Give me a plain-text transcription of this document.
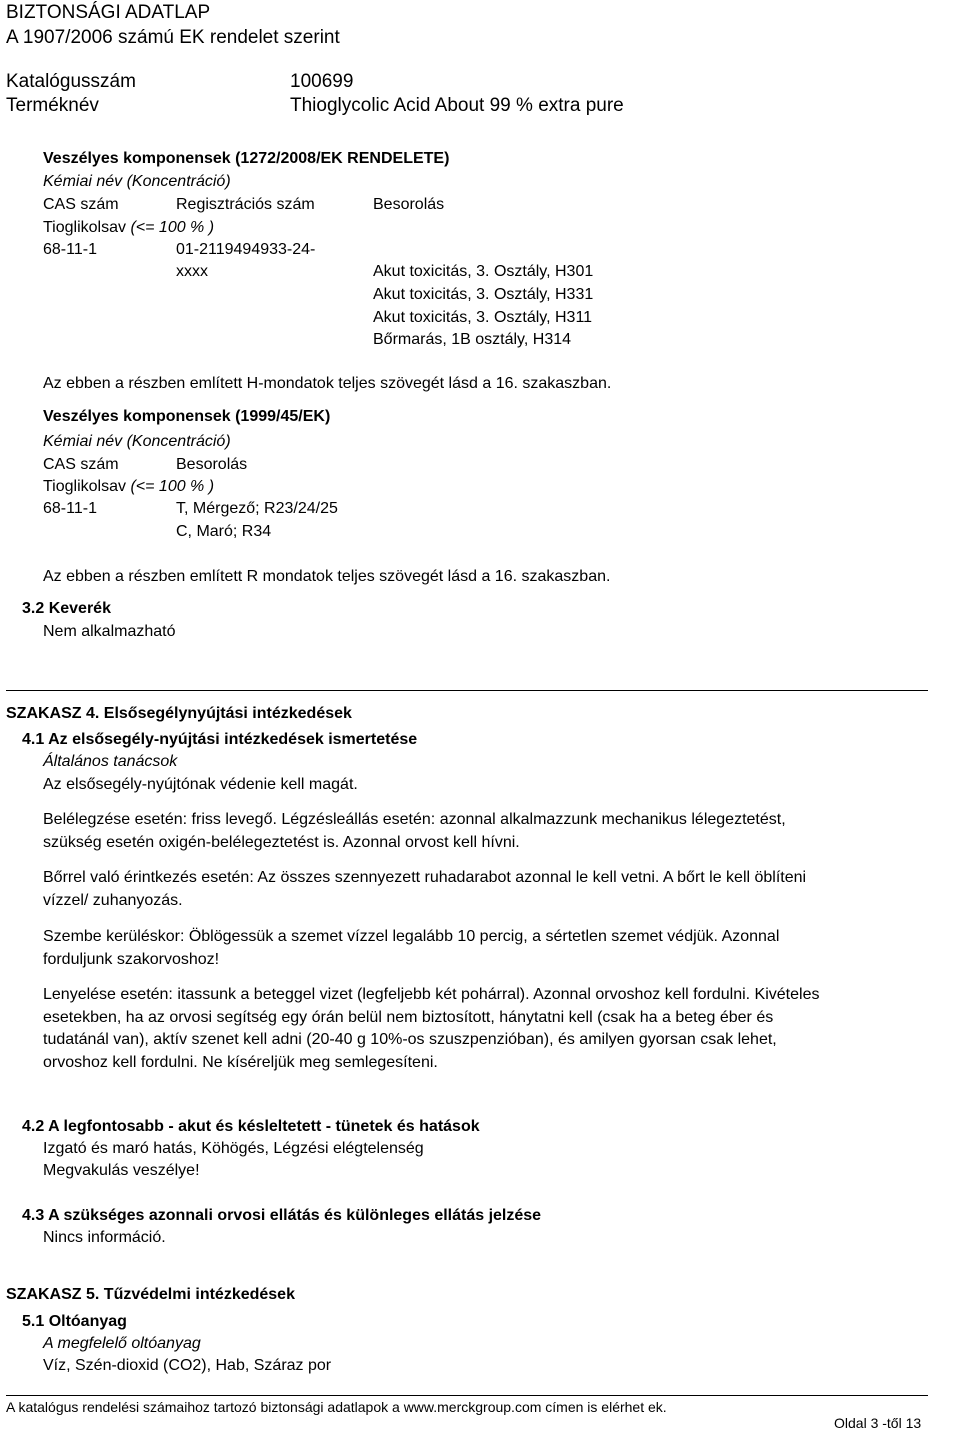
BIZTONSÁGI ADATLAP
A 1907/2006 számú EK rendelet szerint
Katalógusszám	100699
Terméknév	Thioglycolic Acid About 99 % extra pure
Veszélyes komponensek (1272/2008/EK RENDELETE)
Kémiai név (Koncentráció)
CAS szám	Regisztrációs szám	Besorolás
Tioglikolsav (<= 100 % )
68-11-1	01-2119494933-24-
xxxx	Akut toxicitás, 3. Osztály, H301
Akut toxicitás, 3. Osztály, H331
Akut toxicitás, 3. Osztály, H311
Bőrmarás, 1B osztály, H314
Az ebben a részben említett H-mondatok teljes szövegét lásd a 16. szakaszban.
Veszélyes komponensek (1999/45/EK)
Kémiai név (Koncentráció)
CAS szám	Besorolás
Tioglikolsav (<= 100 % )
68-11-1	T, Mérgező; R23/24/25
C, Maró; R34
Az ebben a részben említett R mondatok teljes szövegét lásd a 16. szakaszban.
3.2 Keverék
Nem alkalmazható
SZAKASZ 4. Elsősegélynyújtási intézkedések
4.1 Az elsősegély-nyújtási intézkedések ismertetése
Általános tanácsok
Az elsősegély-nyújtónak védenie kell magát.
Belélegzése esetén: friss levegő. Légzésleállás esetén: azonnal alkalmazzunk mechanikus lélegeztetést, szükség esetén oxigén-belélegeztetést is. Azonnal orvost kell hívni.
Bőrrel való érintkezés esetén: Az összes szennyezett ruhadarabot azonnal le kell vetni. A bőrt le kell öblíteni vízzel/ zuhanyozás.
Szembe kerüléskor: Öblögessük a szemet vízzel legalább 10 percig, a sértetlen szemet védjük. Azonnal forduljunk szakorvoshoz!
Lenyelése esetén: itassunk a beteggel vizet (legfeljebb két pohárral). Azonnal orvoshoz kell fordulni. Kivételes esetekben, ha az orvosi segítség egy órán belül nem biztosított, hánytatni kell (csak ha a beteg éber és tudatánál van), aktív szenet kell adni (20-40 g 10%-os szuszpenzióban), és amilyen gyorsan csak lehet, orvoshoz kell fordulni. Ne kíséreljük meg semlegesíteni.
4.2 A legfontosabb - akut és késleltetett - tünetek és hatások
Izgató és maró hatás, Köhögés, Légzési elégtelenség
Megvakulás veszélye!
4.3 A szükséges azonnali orvosi ellátás és különleges ellátás jelzése
Nincs információ.
SZAKASZ 5. Tűzvédelmi intézkedések
5.1 Oltóanyag
A megfelelő oltóanyag
Víz, Szén-dioxid (CO2), Hab, Száraz por
A katalógus rendelési számaihoz tartozó biztonsági adatlapok a www.merckgroup.com címen is elérhet ek.
Oldal 3 -től 13
